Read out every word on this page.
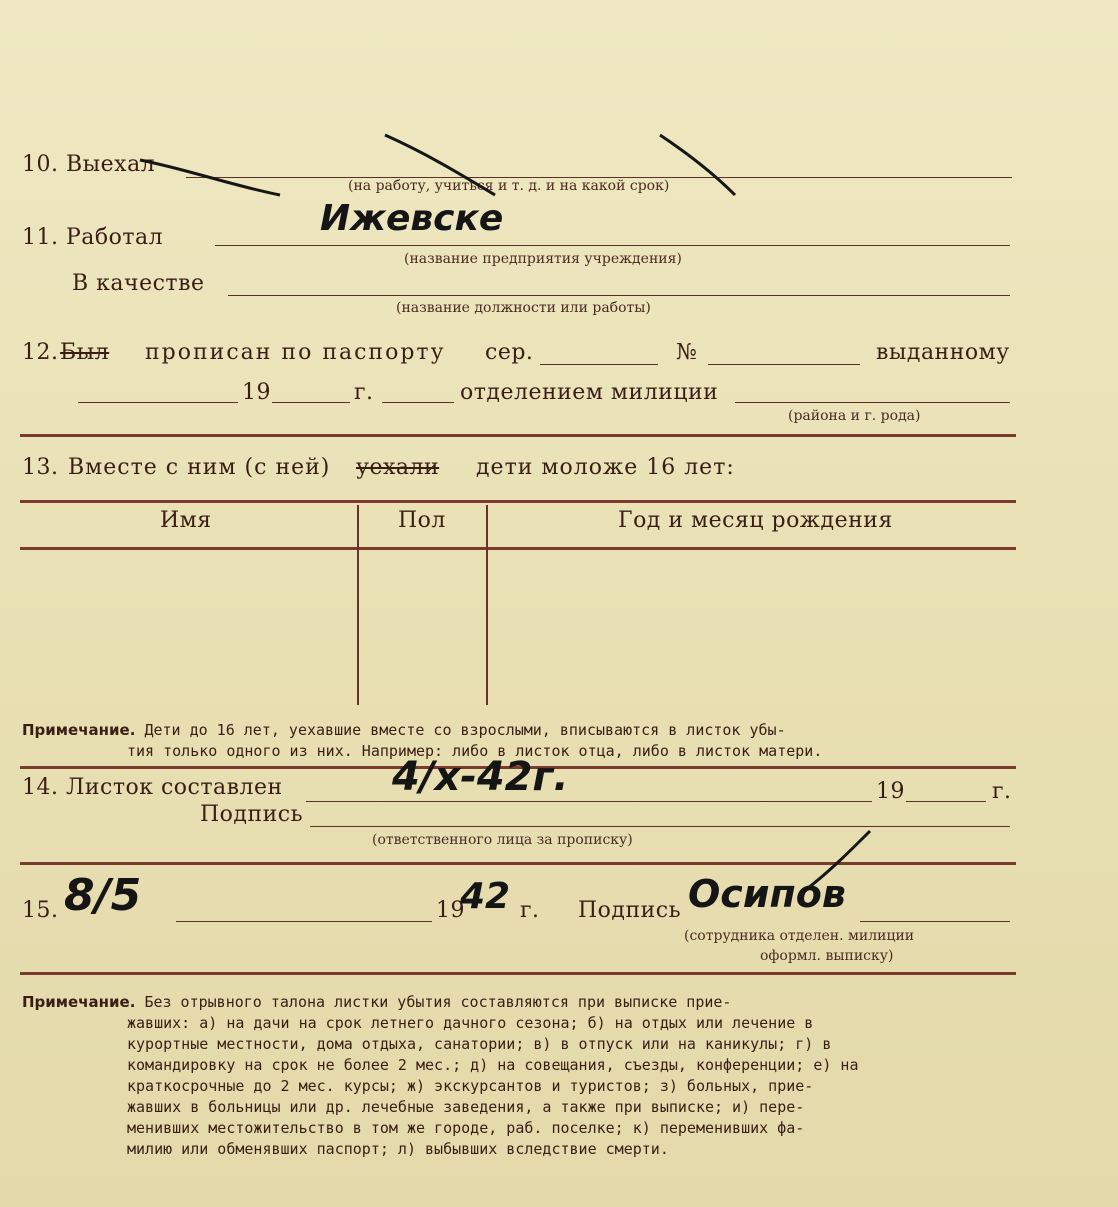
10. Выехал
(на работу, учиться и т. д. и на какой срок)
11. Работал	Ижевске
(название предприятия учреждения)
В качестве
(название должности или работы)
12. Был прописан по паспорту сер.	№	выданному
19	г.	отделением милиции
(района и г. рода)
13. Вместе с ним (с ней) уехали дети моложе 16 лет:
Имя	Пол	Год и месяц рождения
Примечание. Дети до 16 лет, уехавшие вместе со взрослыми, вписываются в листок убы-
тия только одного из них. Например: либо в листок отца, либо в листок матери.
14. Листок составлен	4/х-42г.	19	г.
Подпись
(ответственного лица за прописку)
15. 8/5	19
42 г. Подпись Осипов
(сотрудника отделен. милиции
оформл. выписку)
Примечание. Без отрывного талона листки убытия составляются при выписке прие-
жавших: а) на дачи на срок летнего дачного сезона; б) на отдых или лечение в
курортные местности, дома отдыха, санатории; в) в отпуск или на каникулы; г) в
командировку на срок не более 2 мес.; д) на совещания, съезды, конференции; е) на
краткосрочные до 2 мес. курсы; ж) экскурсантов и туристов; з) больных, прие-
жавших в больницы или др. лечебные заведения, а также при выписке; и) пере-
менивших местожительство в том же городе, раб. поселке; к) переменивших фа-
милию или обменявших паспорт; л) выбывших вследствие смерти.
